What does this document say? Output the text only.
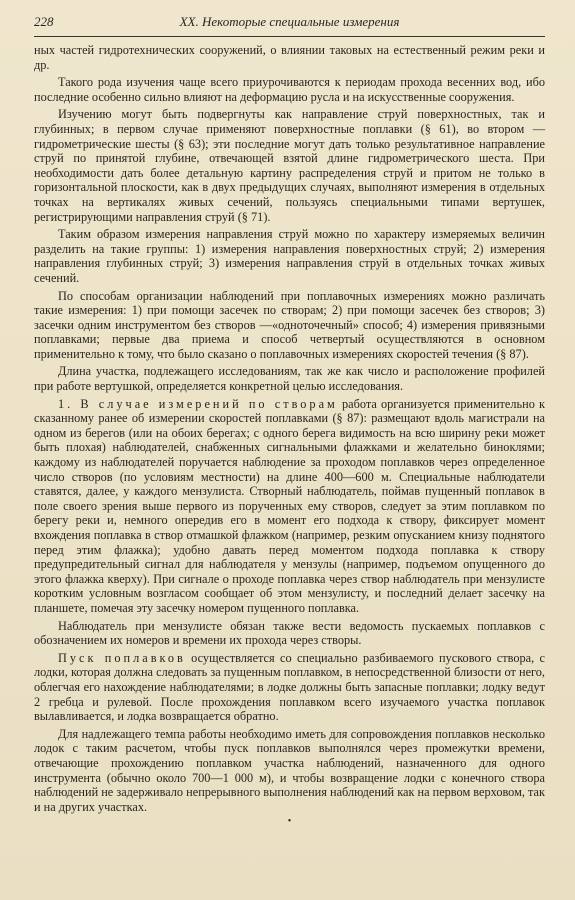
228	XX. Некоторые специальные измерения

ных частей гидротехнических сооружений, о влиянии таковых на естественный режим реки и др.

Такого рода изучения чаще всего приурочиваются к периодам прохода весенних вод, ибо последние особенно сильно влияют на деформацию русла и на искусственные сооружения.

Изучению могут быть подвергнуты как направление струй поверхностных, так и глубинных; в первом случае применяют поверхностные поплавки (§ 61), во втором — гидрометрические шесты (§ 63); эти последние могут дать только результативное направление струй по принятой глубине, отвечающей взятой длине гидрометрического шеста. При необходимости дать более детальную картину распределения струй и притом не только в горизонтальной плоскости, как в двух предыдущих случаях, выполняют измерения в отдельных точках на вертикалях живых сечений, пользуясь специальными типами вертушек, регистрирующими направления струй (§ 71).

Таким образом измерения направления струй можно по характеру измеряемых величин разделить на такие группы: 1) измерения направления поверхностных струй; 2) измерения направления глубинных струй; 3) измерения направления струй в отдельных точках живых сечений.

По способам организации наблюдений при поплавочных измерениях можно различать такие измерения: 1) при помощи засечек по створам; 2) при помощи засечек без створов; 3) засечки одним инструментом без створов —«одноточечный» способ; 4) измерения привязными поплавками; первые два приема и способ четвертый осуществляются в основном применительно к тому, что было сказано о поплавочных измерениях скоростей течения (§ 87).

Длина участка, подлежащего исследованиям, так же как число и расположение профилей при работе вертушкой, определяется конкретной целью исследования.

1. В случае измерений по створам работа организуется применительно к сказанному ранее об измерении скоростей поплавками (§ 87): размещают вдоль магистрали на одном из берегов (или на обоих берегах; с одного берега видимость на всю ширину реки может быть плохая) наблюдателей, снабженных сигнальными флажками и желательно биноклями; каждому из наблюдателей поручается наблюдение за проходом поплавков через определенное число створов (по условиям местности) на длине 400—600 м. Специальные наблюдатели ставятся, далее, у каждого мензулиста. Створный наблюдатель, поймав пущенный поплавок в поле своего зрения выше первого из порученных ему створов, следует за этим поплавком по берегу реки и, немного опередив его в момент его подхода к створу, фиксирует момент вхождения поплавка в створ отмашкой флажком (например, резким опусканием книзу поднятого перед этим флажка); удобно давать перед моментом подхода поплавка к створу предупредительный сигнал для наблюдателя у мензулы (например, подъемом опущенного до этого флажка кверху). При сигнале о проходе поплавка через створ наблюдатель при мензулисте коротким условным возгласом сообщает об этом мензулисту, и последний делает засечку на планшете, помечая эту засечку номером пущенного поплавка.

Наблюдатель при мензулисте обязан также вести ведомость пускаемых поплавков с обозначением их номеров и времени их прохода через створы.

Пуск поплавков осуществляется со специально разбиваемого пускового створа, с лодки, которая должна следовать за пущенным поплавком, в непосредственной близости от него, облегчая его нахождение наблюдателями; в лодке должны быть запасные поплавки; лодку ведут 2 гребца и рулевой. После прохождения поплавком всего изучаемого участка поплавок вылавливается, и лодка возвращается обратно.

Для надлежащего темпа работы необходимо иметь для сопровождения поплавков несколько лодок с таким расчетом, чтобы пуск поплавков выполнялся через промежутки времени, отвечающие прохождению поплавком участка наблюдений, назначенного для одного инструмента (обычно около 700—1 000 м), и чтобы возвращение лодки с конечного створа наблюдений не задерживало непрерывного выполнения наблюдений как на первом верховом, так и на других участках.

•
